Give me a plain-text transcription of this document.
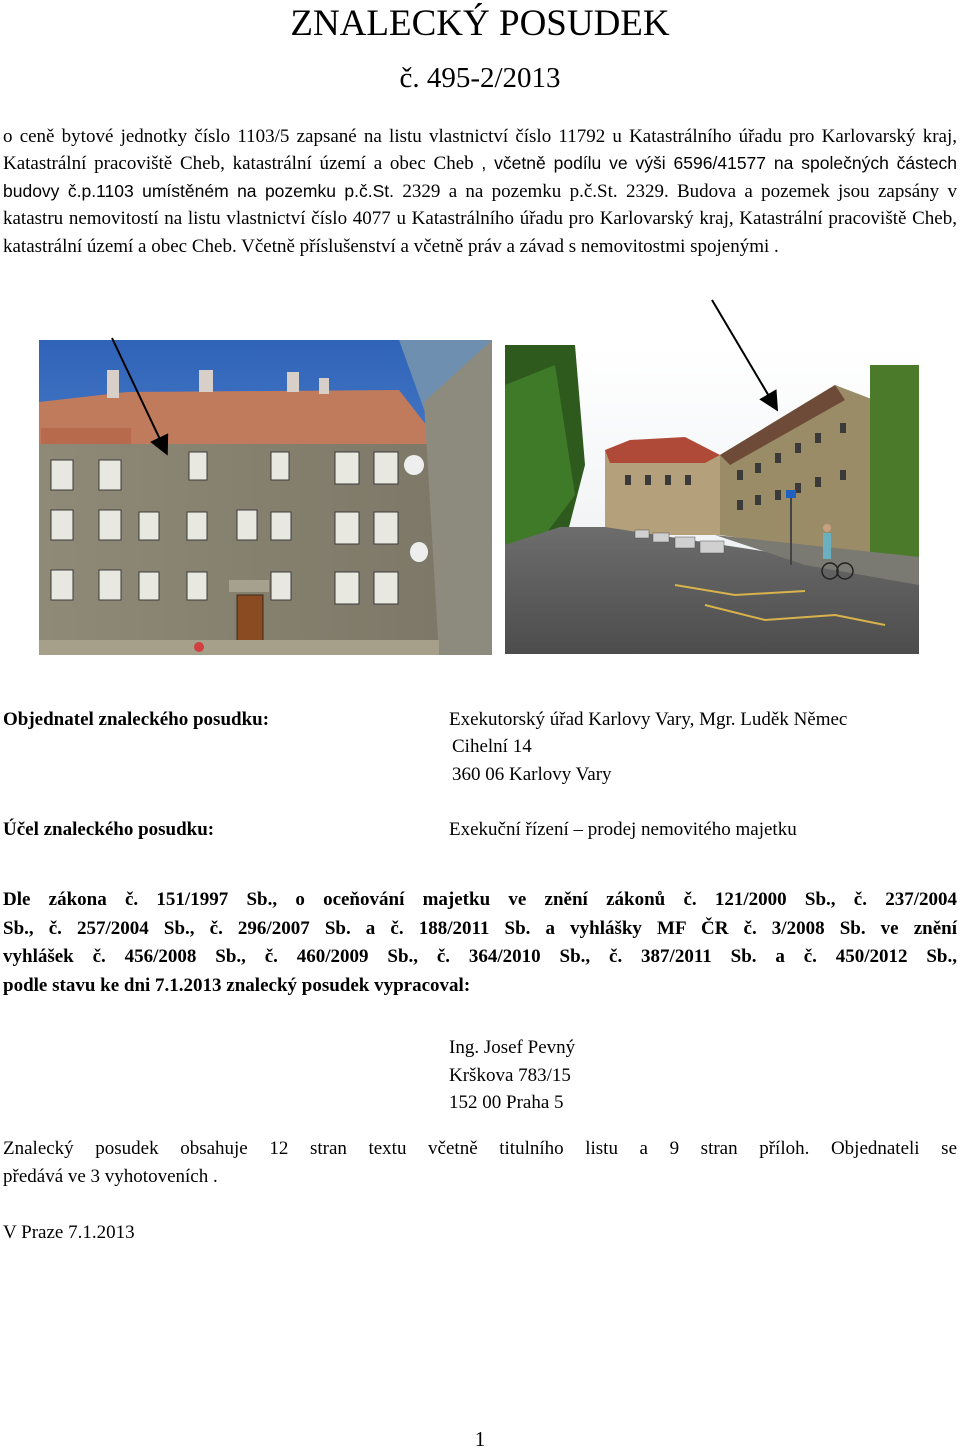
ZNALECKÝ POSUDEK
č. 495-2/2013
o ceně bytové jednotky číslo 1103/5 zapsané na listu vlastnictví číslo 11792 u Katastrálního úřadu pro Karlovarský kraj, Katastrální pracoviště Cheb, katastrální území a obec Cheb , včetně podílu ve výši 6596/41577 na společných částech budovy č.p.1103 umístěném na pozemku p.č.St. 2329 a na pozemku p.č.St. 2329. Budova a pozemek jsou zapsány v katastru nemovitostí na listu vlastnictví číslo 4077 u Katastrálního úřadu pro Karlovarský kraj, Katastrální pracoviště Cheb, katastrální území a obec Cheb. Včetně příslušenství a včetně práv a závad s nemovitostmi spojenými .
Objednatel znaleckého posudku:	Exekutorský úřad Karlovy Vary, Mgr. Luděk Němec
Cihelní 14
360 06 Karlovy Vary
Účel znaleckého posudku:	Exekuční řízení – prodej nemovitého majetku
Dle zákona č. 151/1997 Sb., o oceňování majetku ve znění zákonů č. 121/2000 Sb., č. 237/2004
Sb., č. 257/2004 Sb., č. 296/2007 Sb. a č. 188/2011 Sb. a vyhlášky MF ČR č. 3/2008 Sb. ve znění
vyhlášek č. 456/2008 Sb., č. 460/2009 Sb., č. 364/2010 Sb., č. 387/2011 Sb. a č. 450/2012 Sb.,
podle stavu ke dni 7.1.2013 znalecký posudek vypracoval:
Ing. Josef Pevný
Krškova 783/15
152 00 Praha 5
Znalecký posudek obsahuje 12 stran textu včetně titulního listu a 9 stran příloh. Objednateli se
předává ve 3 vyhotoveních .
V Praze 7.1.2013
1
